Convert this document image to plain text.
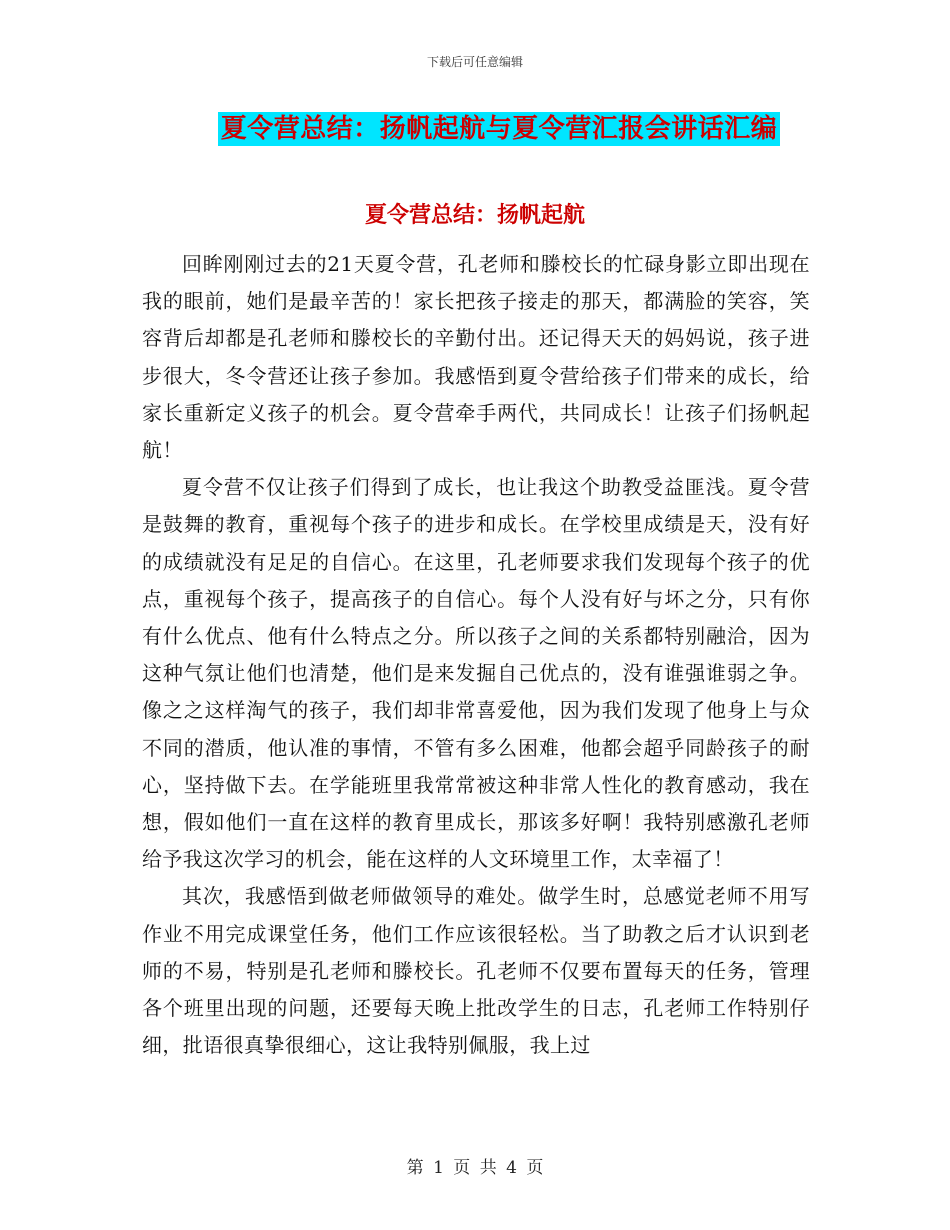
下载后可任意编辑
夏令营总结：扬帆起航与夏令营汇报会讲话汇编
夏令营总结：扬帆起航

回眸刚刚过去的21天夏令营，孔老师和滕校长的忙碌身影立即出现在我的眼前，她们是最辛苦的！家长把孩子接走的那天，都满脸的笑容，笑容背后却都是孔老师和滕校长的辛勤付出。还记得天天的妈妈说，孩子进步很大，冬令营还让孩子参加。我感悟到夏令营给孩子们带来的成长，给家长重新定义孩子的机会。夏令营牵手两代，共同成长！让孩子们扬帆起航！

夏令营不仅让孩子们得到了成长，也让我这个助教受益匪浅。夏令营是鼓舞的教育，重视每个孩子的进步和成长。在学校里成绩是天，没有好的成绩就没有足足的自信心。在这里，孔老师要求我们发现每个孩子的优点，重视每个孩子，提高孩子的自信心。每个人没有好与坏之分，只有你有什么优点、他有什么特点之分。所以孩子之间的关系都特别融洽，因为这种气氛让他们也清楚，他们是来发掘自己优点的，没有谁强谁弱之争。像之之这样淘气的孩子，我们却非常喜爱他，因为我们发现了他身上与众不同的潜质，他认准的事情，不管有多么困难，他都会超乎同龄孩子的耐心，坚持做下去。在学能班里我常常被这种非常人性化的教育感动，我在想，假如他们一直在这样的教育里成长，那该多好啊！我特别感激孔老师给予我这次学习的机会，能在这样的人文环境里工作，太幸福了！

其次，我感悟到做老师做领导的难处。做学生时，总感觉老师不用写作业不用完成课堂任务，他们工作应该很轻松。当了助教之后才认识到老师的不易，特别是孔老师和滕校长。孔老师不仅要布置每天的任务，管理各个班里出现的问题，还要每天晚上批改学生的日志，孔老师工作特别仔细，批语很真挚很细心，这让我特别佩服，我上过

第 1 页 共 4 页
